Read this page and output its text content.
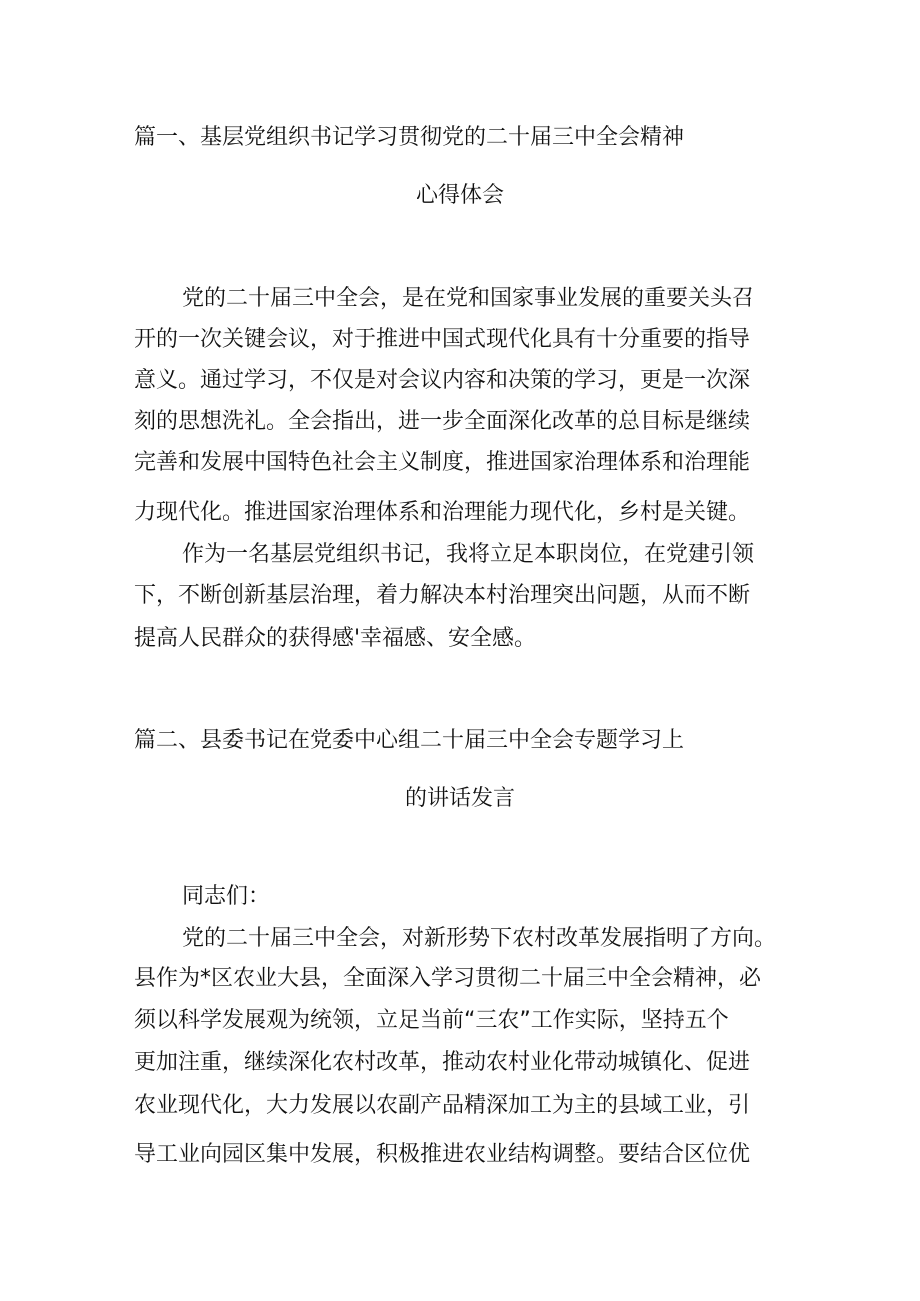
篇一、基层党组织书记学习贯彻党的二十届三中全会精神
心得体会
党的二十届三中全会，是在党和国家事业发展的重要关头召
开的一次关键会议，对于推进中国式现代化具有十分重要的指导
意义。通过学习，不仅是对会议内容和决策的学习，更是一次深
刻的思想洗礼。全会指出，进一步全面深化改革的总目标是继续
完善和发展中国特色社会主义制度，推进国家治理体系和治理能
力现代化。推进国家治理体系和治理能力现代化，乡村是关键。
作为一名基层党组织书记，我将立足本职岗位，在党建引领
下，不断创新基层治理，着力解决本村治理突出问题，从而不断
提高人民群众的获得感'幸福感、安全感。
篇二、县委书记在党委中心组二十届三中全会专题学习上
的讲话发言
同志们：
党的二十届三中全会，对新形势下农村改革发展指明了方向。
县作为*区农业大县，全面深入学习贯彻二十届三中全会精神，必
须以科学发展观为统领，立足当前“三农”工作实际，坚持五个
更加注重，继续深化农村改革，推动农村业化带动城镇化、促进
农业现代化，大力发展以农副产品精深加工为主的县域工业，引
导工业向园区集中发展，积极推进农业结构调整。要结合区位优
